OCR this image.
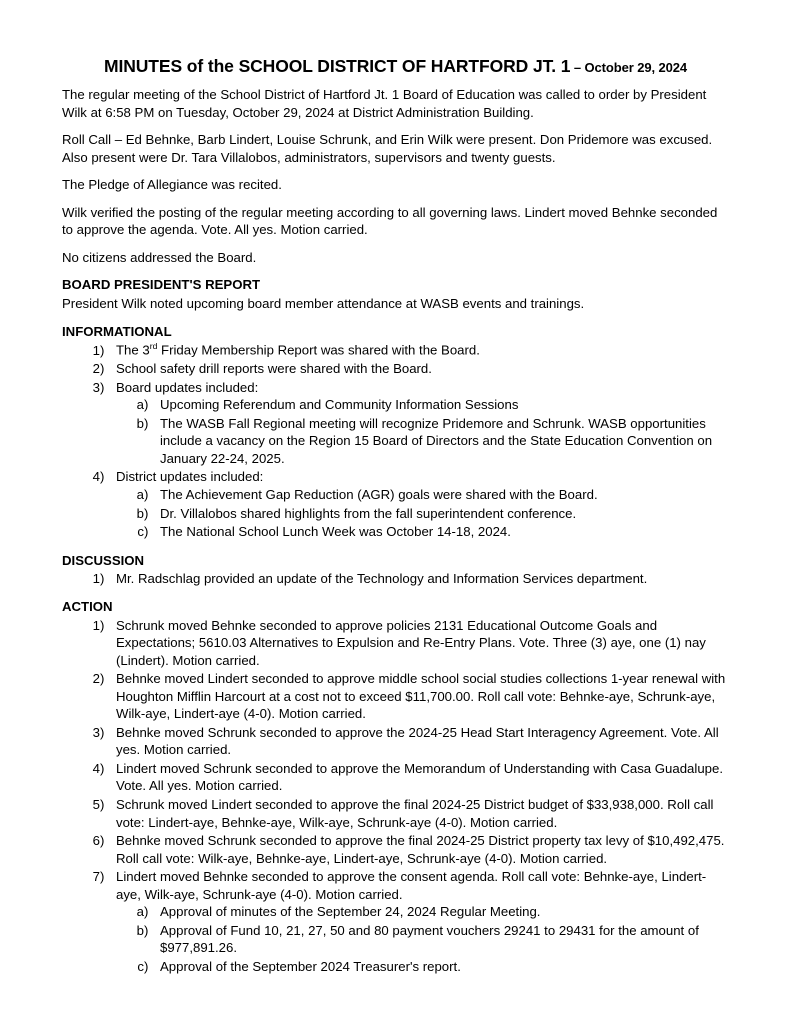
MINUTES of the SCHOOL DISTRICT OF HARTFORD JT. 1 – October 29, 2024

The regular meeting of the School District of Hartford Jt. 1 Board of Education was called to order by President Wilk at 6:58 PM on Tuesday, October 29, 2024 at District Administration Building.

Roll Call – Ed Behnke, Barb Lindert, Louise Schrunk, and Erin Wilk were present. Don Pridemore was excused. Also present were Dr. Tara Villalobos, administrators, supervisors and twenty guests.

The Pledge of Allegiance was recited.

Wilk verified the posting of the regular meeting according to all governing laws. Lindert moved Behnke seconded to approve the agenda. Vote. All yes. Motion carried.

No citizens addressed the Board.

BOARD PRESIDENT'S REPORT

President Wilk noted upcoming board member attendance at WASB events and trainings.

INFORMATIONAL
1. The 3rd Friday Membership Report was shared with the Board.
2. School safety drill reports were shared with the Board.
3. Board updates included:
a. Upcoming Referendum and Community Information Sessions
b. The WASB Fall Regional meeting will recognize Pridemore and Schrunk. WASB opportunities include a vacancy on the Region 15 Board of Directors and the State Education Convention on January 22-24, 2025.
4. District updates included:
a. The Achievement Gap Reduction (AGR) goals were shared with the Board.
b. Dr. Villalobos shared highlights from the fall superintendent conference.
c. The National School Lunch Week was October 14-18, 2024.
DISCUSSION
1. Mr. Radschlag provided an update of the Technology and Information Services department.
ACTION
1. Schrunk moved Behnke seconded to approve policies 2131 Educational Outcome Goals and Expectations; 5610.03 Alternatives to Expulsion and Re-Entry Plans. Vote. Three (3) aye, one (1) nay (Lindert). Motion carried.
2. Behnke moved Lindert seconded to approve middle school social studies collections 1-year renewal with Houghton Mifflin Harcourt at a cost not to exceed $11,700.00. Roll call vote: Behnke-aye, Schrunk-aye, Wilk-aye, Lindert-aye (4-0). Motion carried.
3. Behnke moved Schrunk seconded to approve the 2024-25 Head Start Interagency Agreement. Vote. All yes. Motion carried.
4. Lindert moved Schrunk seconded to approve the Memorandum of Understanding with Casa Guadalupe. Vote. All yes. Motion carried.
5. Schrunk moved Lindert seconded to approve the final 2024-25 District budget of $33,938,000. Roll call vote: Lindert-aye, Behnke-aye, Wilk-aye, Schrunk-aye (4-0). Motion carried.
6. Behnke moved Schrunk seconded to approve the final 2024-25 District property tax levy of $10,492,475. Roll call vote: Wilk-aye, Behnke-aye, Lindert-aye, Schrunk-aye (4-0). Motion carried.
7. Lindert moved Behnke seconded to approve the consent agenda. Roll call vote: Behnke-aye, Lindert-aye, Wilk-aye, Schrunk-aye (4-0). Motion carried.
a. Approval of minutes of the September 24, 2024 Regular Meeting.
b. Approval of Fund 10, 21, 27, 50 and 80 payment vouchers 29241 to 29431 for the amount of $977,891.26.
c. Approval of the September 2024 Treasurer's report.
